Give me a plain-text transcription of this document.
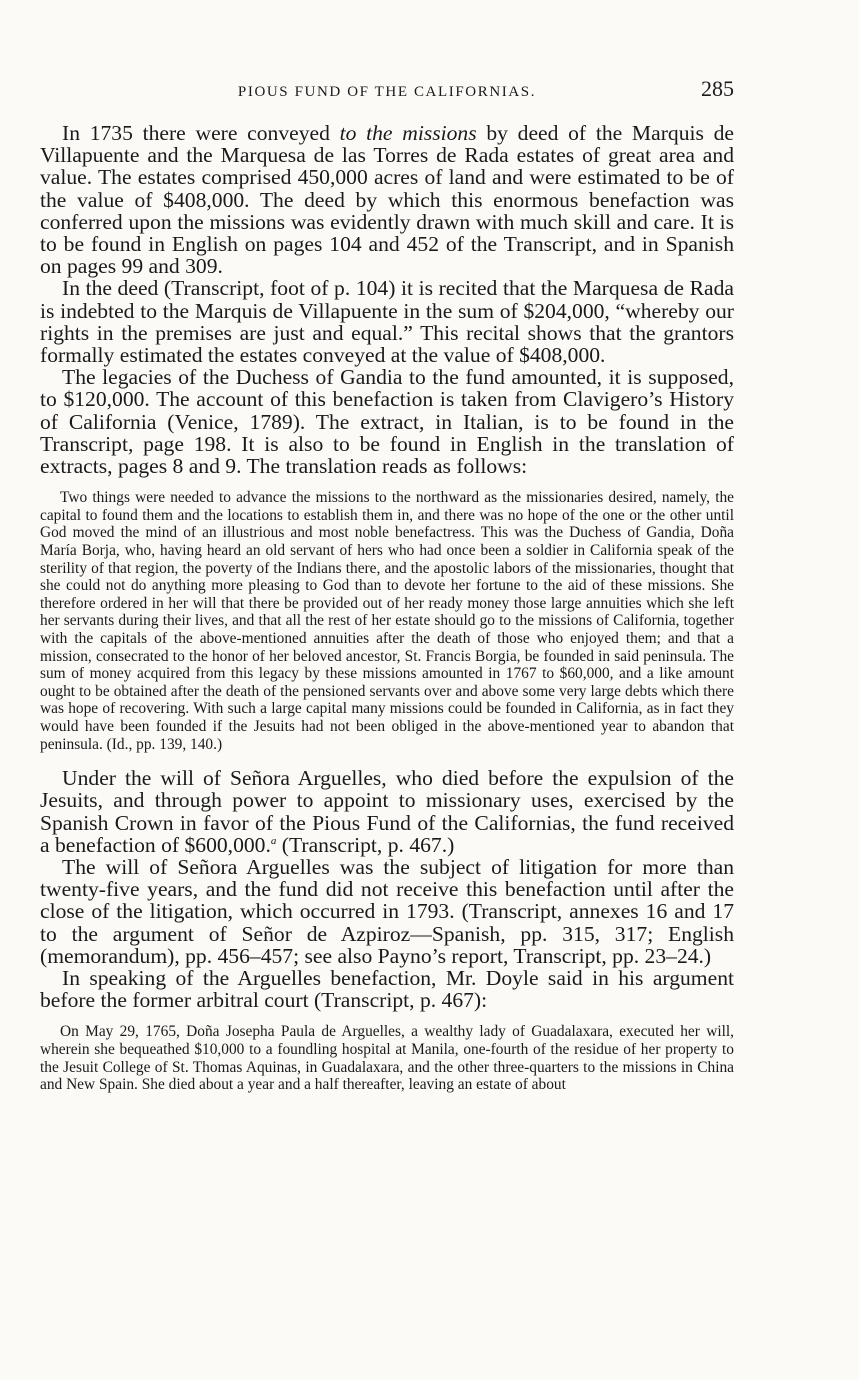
PIOUS FUND OF THE CALIFORNIAS.	285

In 1735 there were conveyed to the missions by deed of the Marquis de Villapuente and the Marquesa de las Torres de Rada estates of great area and value. The estates comprised 450,000 acres of land and were estimated to be of the value of $408,000. The deed by which this enormous benefaction was conferred upon the missions was evidently drawn with much skill and care. It is to be found in English on pages 104 and 452 of the Transcript, and in Spanish on pages 99 and 309.

In the deed (Transcript, foot of p. 104) it is recited that the Marquesa de Rada is indebted to the Marquis de Villapuente in the sum of $204,000, “whereby our rights in the premises are just and equal.” This recital shows that the grantors formally estimated the estates conveyed at the value of $408,000.

The legacies of the Duchess of Gandia to the fund amounted, it is supposed, to $120,000. The account of this benefaction is taken from Clavigero’s History of California (Venice, 1789). The extract, in Italian, is to be found in the Transcript, page 198. It is also to be found in English in the translation of extracts, pages 8 and 9. The translation reads as follows:

Two things were needed to advance the missions to the northward as the missionaries desired, namely, the capital to found them and the locations to establish them in, and there was no hope of the one or the other until God moved the mind of an illustrious and most noble benefactress. This was the Duchess of Gandia, Doña María Borja, who, having heard an old servant of hers who had once been a soldier in California speak of the sterility of that region, the poverty of the Indians there, and the apostolic labors of the missionaries, thought that she could not do anything more pleasing to God than to devote her fortune to the aid of these missions. She therefore ordered in her will that there be provided out of her ready money those large annuities which she left her servants during their lives, and that all the rest of her estate should go to the missions of California, together with the capitals of the above-mentioned annuities after the death of those who enjoyed them; and that a mission, consecrated to the honor of her beloved ancestor, St. Francis Borgia, be founded in said peninsula. The sum of money acquired from this legacy by these missions amounted in 1767 to $60,000, and a like amount ought to be obtained after the death of the pensioned servants over and above some very large debts which there was hope of recovering. With such a large capital many missions could be founded in California, as in fact they would have been founded if the Jesuits had not been obliged in the above-mentioned year to abandon that peninsula. (Id., pp. 139, 140.)

Under the will of Señora Arguelles, who died before the expulsion of the Jesuits, and through power to appoint to missionary uses, exercised by the Spanish Crown in favor of the Pious Fund of the Californias, the fund received a benefaction of $600,000.$^a$ (Transcript, p. 467.)

The will of Señora Arguelles was the subject of litigation for more than twenty-five years, and the fund did not receive this benefaction until after the close of the litigation, which occurred in 1793. (Transcript, annexes 16 and 17 to the argument of Señor de Azpiroz—Spanish, pp. 315, 317; English (memorandum), pp. 456–457; see also Payno’s report, Transcript, pp. 23–24.)

In speaking of the Arguelles benefaction, Mr. Doyle said in his argument before the former arbitral court (Transcript, p. 467):

On May 29, 1765, Doña Josepha Paula de Arguelles, a wealthy lady of Guadalaxara, executed her will, wherein she bequeathed $10,000 to a foundling hospital at Manila, one-fourth of the residue of her property to the Jesuit College of St. Thomas Aquinas, in Guadalaxara, and the other three-quarters to the missions in China and New Spain. She died about a year and a half thereafter, leaving an estate of about
